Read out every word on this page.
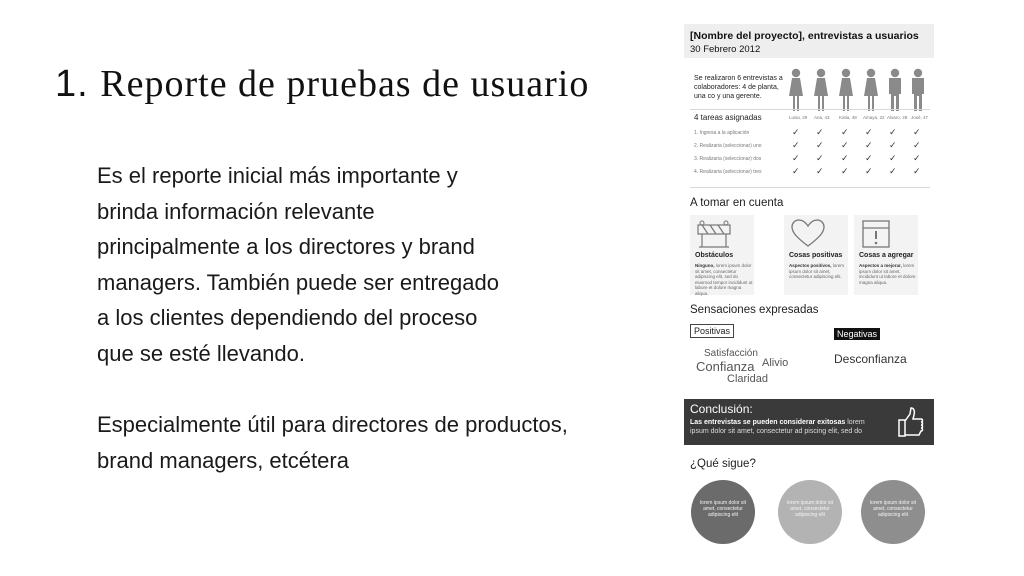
1. Reporte de pruebas de usuario

Es el reporte inicial más importante y

brinda información relevante

principalmente a los directores y brand

managers. También puede ser entregado

a los clientes dependiendo del proceso

que se esté llevando.

Especialmente útil para directores de productos,

brand managers, etcétera

[Nombre del proyecto], entrevistas a usuarios
30 Febrero 2012
Se realizaron 6 entrevistas a colaboradores: 4 de planta, una co y una gerente.
4 tareas asignadas
1. Ingresa a la aplicación
2. Realizaria (seleccionar) uno
3. Realizaria (seleccionar) dos
4. Realizaria (seleccionar) tres
Luisa, 29 Ana, 43 Katia, 48 Amaya, 22 Alvaro, 28 José, 47
✓ ✓ ✓ ✓ ✓ ✓
✓ ✓ ✓ ✓ ✓ ✓
✓ ✓ ✓ ✓ ✓ ✓
✓ ✓ ✓ ✓ ✓ ✓
A tomar en cuenta
Obstáculos
Ninguno, lorem ipsum dolor sit amet, consectetur adipiscing elit, sed do eiusmod tempor incididunt ut labore et dolore magna aliqua.
Cosas positivas
Aspectos positivos, lorem ipsum dolor sit amet, consectetur adipiscing elit.
Cosas a agregar
Aspectos a mejorar, lorem ipsum dolor sit amet, incididunt ut labore et dolore magna aliqua.
Sensaciones expresadas
Positivas	Negativas
Satisfacción
Alivio
Confianza
Claridad
Desconfianza
Conclusión:
Las entrevistas se pueden considerar exitosas lorem ipsum dolor sit amet, consectetur ad piscing elit, sed do
¿Qué sigue?
lorem ipsum dolor sit amet, consectetur adipiscing elit
lorem ipsum dolor sit amet, consectetur adipiscing elit
lorem ipsum dolor sit amet, consectetur adipiscing elit
